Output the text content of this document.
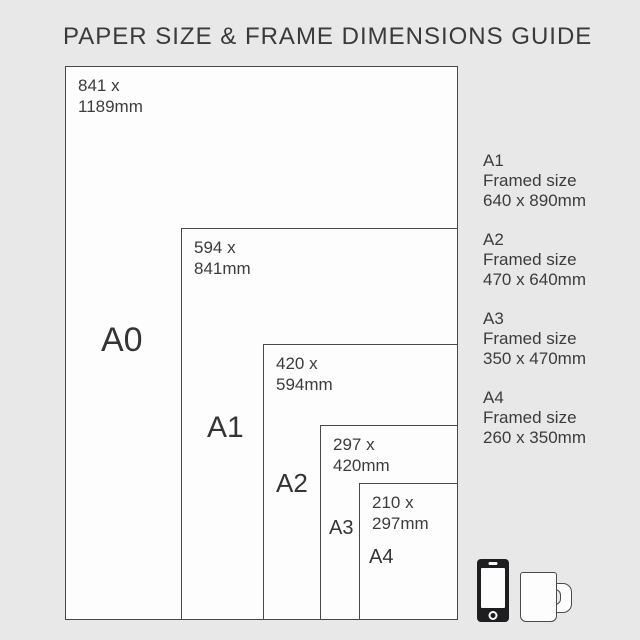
PAPER SIZE & FRAME DIMENSIONS GUIDE
841 x
1189mm
A0
594 x
841mm
A1
420 x
594mm
A2
297 x
420mm
A3
210 x
297mm
A4
A1
Framed size
640 x 890mm
A2
Framed size
470 x 640mm
A3
Framed size
350 x 470mm
A4
Framed size
260 x 350mm
